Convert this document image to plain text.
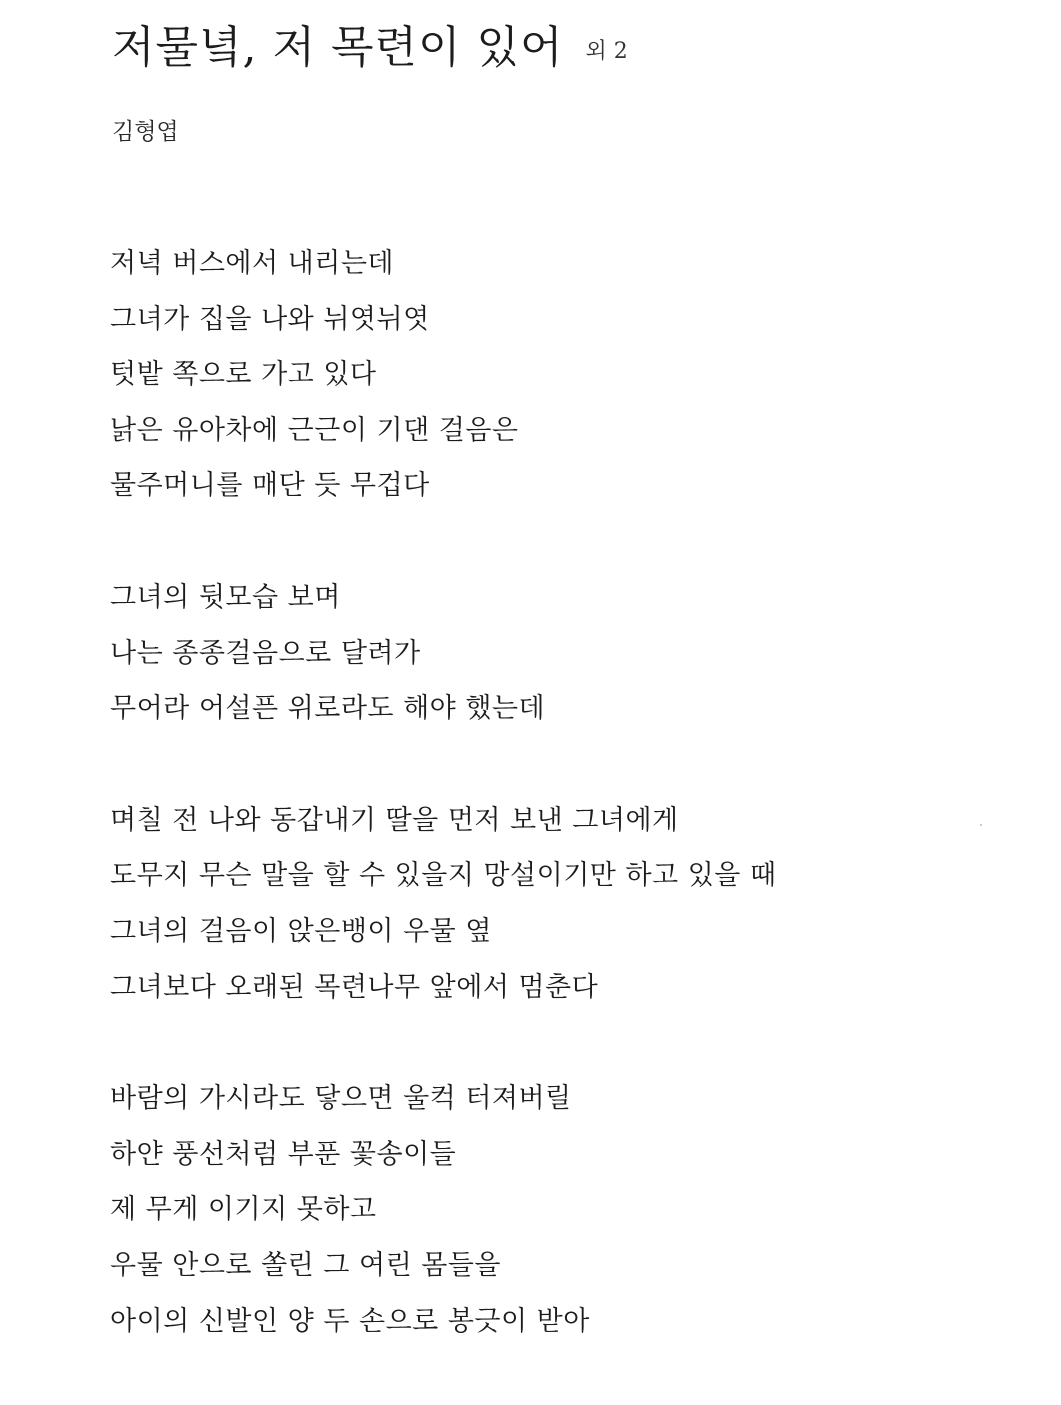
저물녘, 저 목련이 있어 외 2
김형엽
저녁 버스에서 내리는데
그녀가 집을 나와 뉘엿뉘엿
텃밭 쪽으로 가고 있다
낡은 유아차에 근근이 기댄 걸음은
물주머니를 매단 듯 무겁다
그녀의 뒷모습 보며
나는 종종걸음으로 달려가
무어라 어설픈 위로라도 해야 했는데
며칠 전 나와 동갑내기 딸을 먼저 보낸 그녀에게
도무지 무슨 말을 할 수 있을지 망설이기만 하고 있을 때
그녀의 걸음이 앉은뱅이 우물 옆
그녀보다 오래된 목련나무 앞에서 멈춘다
바람의 가시라도 닿으면 울컥 터져버릴
하얀 풍선처럼 부푼 꽃송이들
제 무게 이기지 못하고
우물 안으로 쏠린 그 여린 몸들을
아이의 신발인 양 두 손으로 봉긋이 받아
